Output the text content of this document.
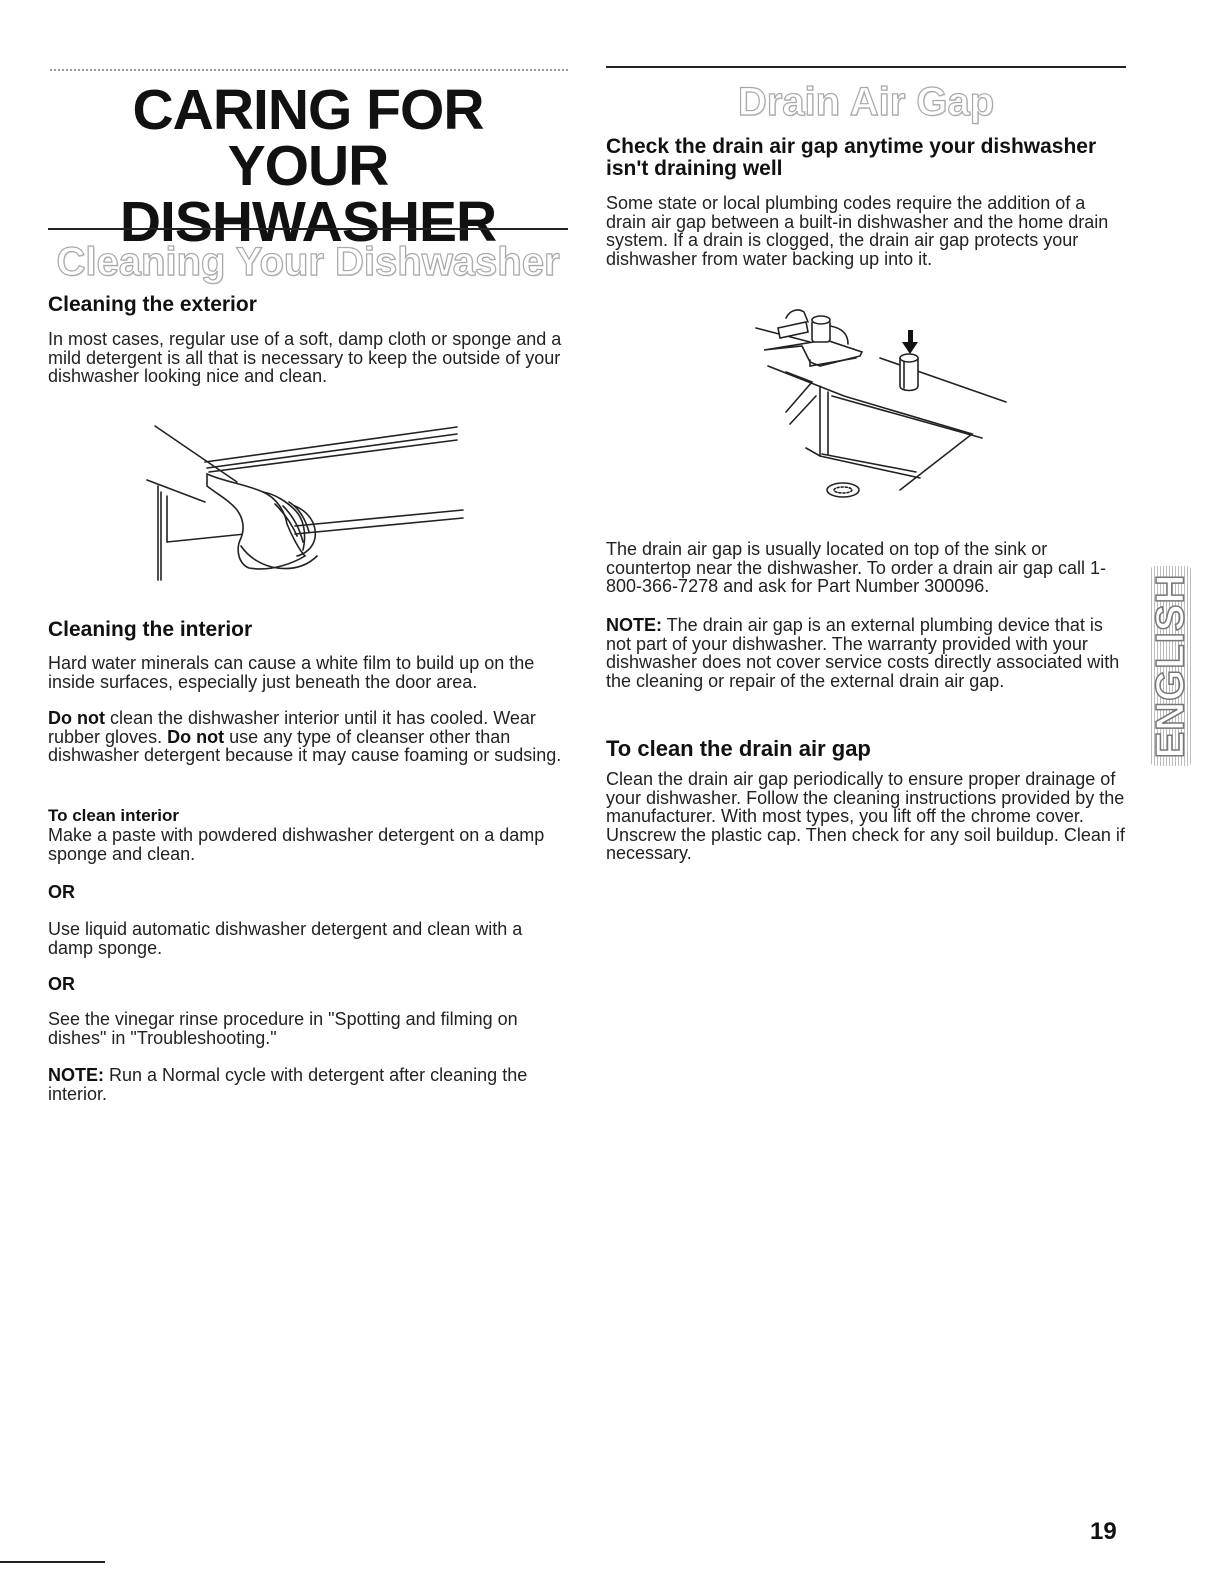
CARING FOR YOUR
DISHWASHER
Cleaning Your Dishwasher
Cleaning the exterior

In most cases, regular use of a soft, damp cloth or sponge and a mild detergent is all that is necessary to keep the outside of your dishwasher looking nice and clean.

Cleaning the interior

Hard water minerals can cause a white film to build up on the inside surfaces, especially just beneath the door area.

Do not clean the dishwasher interior until it has cooled. Wear rubber gloves. Do not use any type of cleanser other than dishwasher detergent because it may cause foaming or sudsing.

To clean interior

Make a paste with powdered dishwasher detergent on a damp sponge and clean.

OR

Use liquid automatic dishwasher detergent and clean with a damp sponge.

OR

See the vinegar rinse procedure in "Spotting and filming on dishes" in "Troubleshooting."

NOTE: Run a Normal cycle with detergent after cleaning the interior.

Drain Air Gap
Check the drain air gap anytime your dishwasher isn't draining well

Some state or local plumbing codes require the addition of a drain air gap between a built-in dishwasher and the home drain system. If a drain is clogged, the drain air gap protects your dishwasher from water backing up into it.

The drain air gap is usually located on top of the sink or countertop near the dishwasher. To order a drain air gap call 1-800-366-7278 and ask for Part Number 300096.

NOTE: The drain air gap is an external plumbing device that is not part of your dishwasher. The warranty provided with your dishwasher does not cover service costs directly associated with the cleaning or repair of the external drain air gap.

To clean the drain air gap

Clean the drain air gap periodically to ensure proper drainage of your dishwasher. Follow the cleaning instructions provided by the manufacturer. With most types, you lift off the chrome cover. Unscrew the plastic cap. Then check for any soil buildup. Clean if necessary.

ENGLISH
19
